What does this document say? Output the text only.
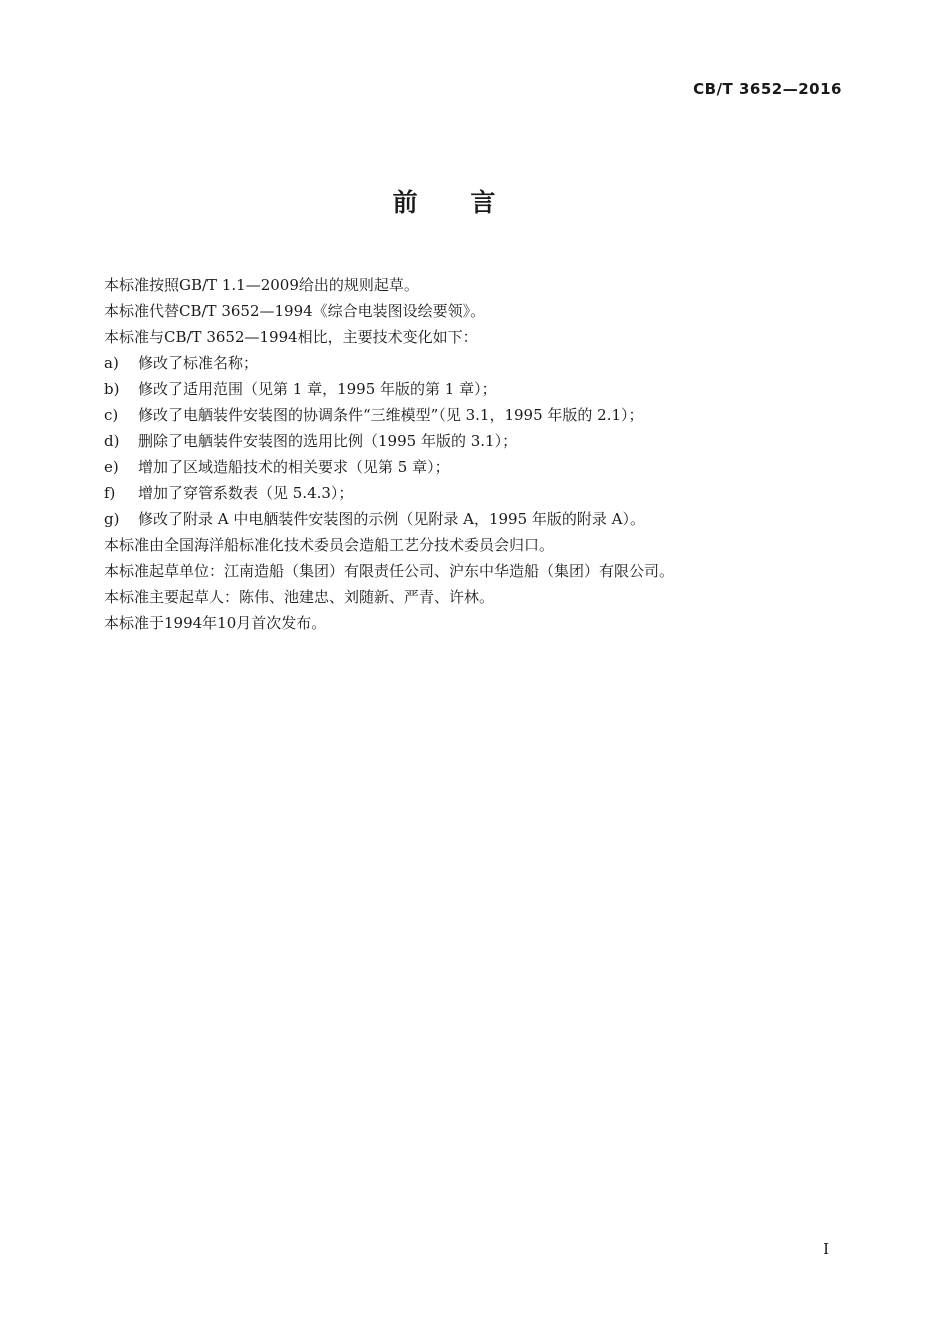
CB/T 3652—2016
前 言
本标准按照GB/T 1.1—2009给出的规则起草。
本标准代替CB/T 3652—1994《综合电装图设绘要领》。
本标准与CB/T 3652—1994相比，主要技术变化如下：
a) 修改了标准名称；
b) 修改了适用范围（见第 1 章，1995 年版的第 1 章）；
c) 修改了电舾装件安装图的协调条件“三维模型”（见 3.1，1995 年版的 2.1）；
d) 删除了电舾装件安装图的选用比例（1995 年版的 3.1）；
e) 增加了区域造船技术的相关要求（见第 5 章）；
f) 增加了穿管系数表（见 5.4.3）；
g) 修改了附录 A 中电舾装件安装图的示例（见附录 A，1995 年版的附录 A）。
本标准由全国海洋船标准化技术委员会造船工艺分技术委员会归口。
本标准起草单位：江南造船（集团）有限责任公司、沪东中华造船（集团）有限公司。
本标准主要起草人：陈伟、池建忠、刘随新、严青、许林。
本标准于1994年10月首次发布。
I
